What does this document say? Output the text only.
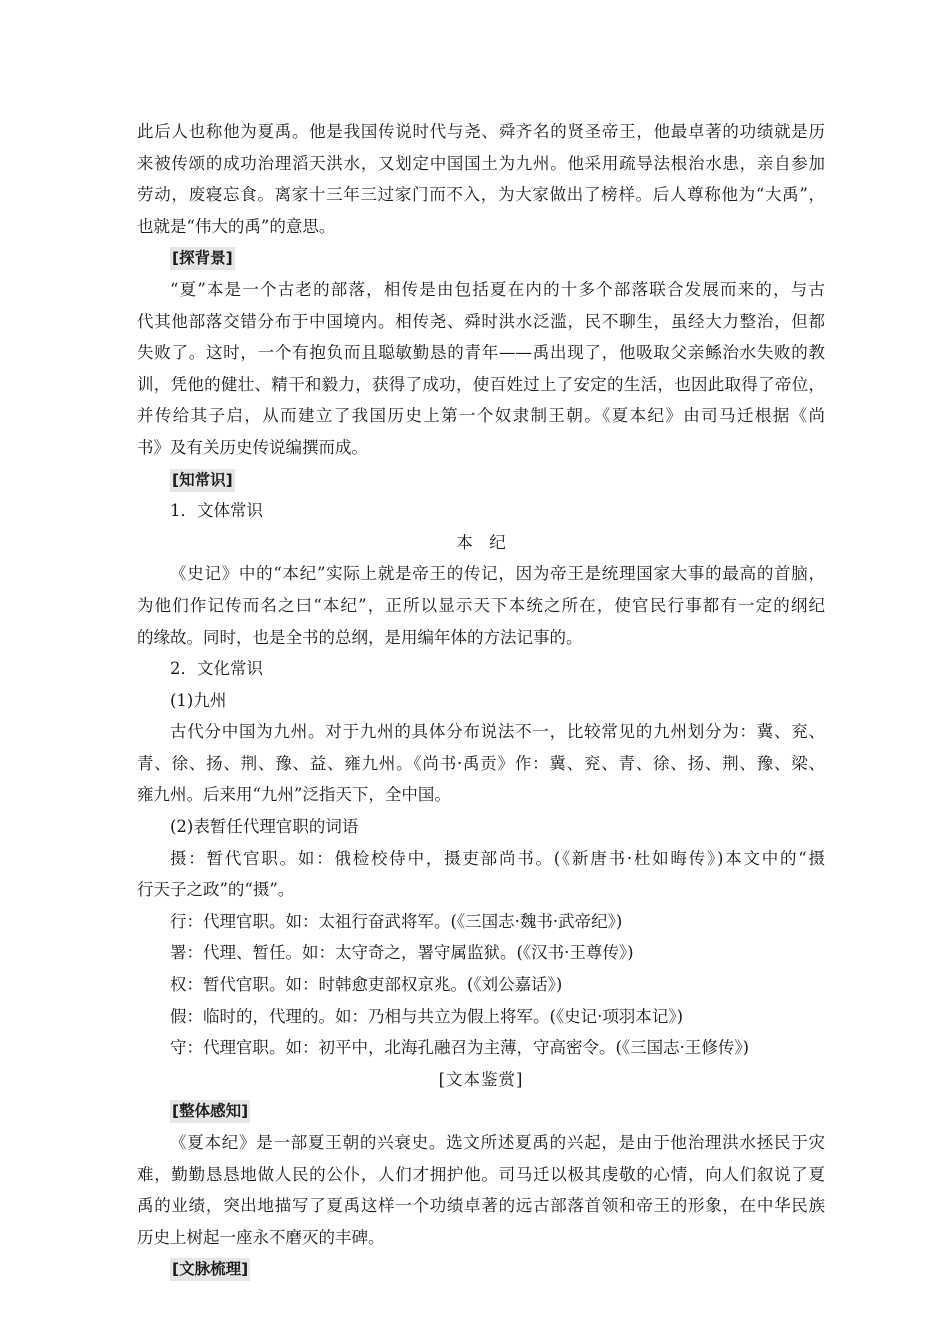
此后人也称他为夏禹。他是我国传说时代与尧、舜齐名的贤圣帝王，他最卓著的功绩就是历
来被传颂的成功治理滔天洪水，又划定中国国土为九州。他采用疏导法根治水患，亲自参加
劳动，废寝忘食。离家十三年三过家门而不入，为大家做出了榜样。后人尊称他为“大禹”，
也就是“伟大的禹”的意思。
[探背景]
“夏”本是一个古老的部落，相传是由包括夏在内的十多个部落联合发展而来的，与古
代其他部落交错分布于中国境内。相传尧、舜时洪水泛滥，民不聊生，虽经大力整治，但都
失败了。这时，一个有抱负而且聪敏勤恳的青年——禹出现了，他吸取父亲鲧治水失败的教
训，凭他的健壮、精干和毅力，获得了成功，使百姓过上了安定的生活，也因此取得了帝位，
并传给其子启，从而建立了我国历史上第一个奴隶制王朝。《夏本纪》由司马迁根据《尚
书》及有关历史传说编撰而成。
[知常识]
1．文体常识
本　纪
《史记》中的“本纪”实际上就是帝王的传记，因为帝王是统理国家大事的最高的首脑，
为他们作记传而名之曰“本纪”，正所以显示天下本统之所在，使官民行事都有一定的纲纪
的缘故。同时，也是全书的总纲，是用编年体的方法记事的。
2．文化常识
(1)九州
古代分中国为九州。对于九州的具体分布说法不一，比较常见的九州划分为：冀、兖、
青、徐、扬、荆、豫、益、雍九州。《尚书·禹贡》作：冀、兖、青、徐、扬、荆、豫、梁、
雍九州。后来用“九州”泛指天下，全中国。
(2)表暂任代理官职的词语
摄：暂代官职。如：俄检校侍中，摄吏部尚书。(《新唐书·杜如晦传》)本文中的“摄
行天子之政”的“摄”。
行：代理官职。如：太祖行奋武将军。(《三国志·魏书·武帝纪》)
署：代理、暂任。如：太守奇之，署守属监狱。(《汉书·王尊传》)
权：暂代官职。如：时韩愈吏部权京兆。(《刘公嘉话》)
假：临时的，代理的。如：乃相与共立为假上将军。(《史记·项羽本记》)
守：代理官职。如：初平中，北海孔融召为主薄，守高密令。(《三国志·王修传》)
[文本鉴赏]
[整体感知]
《夏本纪》是一部夏王朝的兴衰史。选文所述夏禹的兴起，是由于他治理洪水拯民于灾
难，勤勤恳恳地做人民的公仆，人们才拥护他。司马迁以极其虔敬的心情，向人们叙说了夏
禹的业绩，突出地描写了夏禹这样一个功绩卓著的远古部落首领和帝王的形象，在中华民族
历史上树起一座永不磨灭的丰碑。
[文脉梳理]
